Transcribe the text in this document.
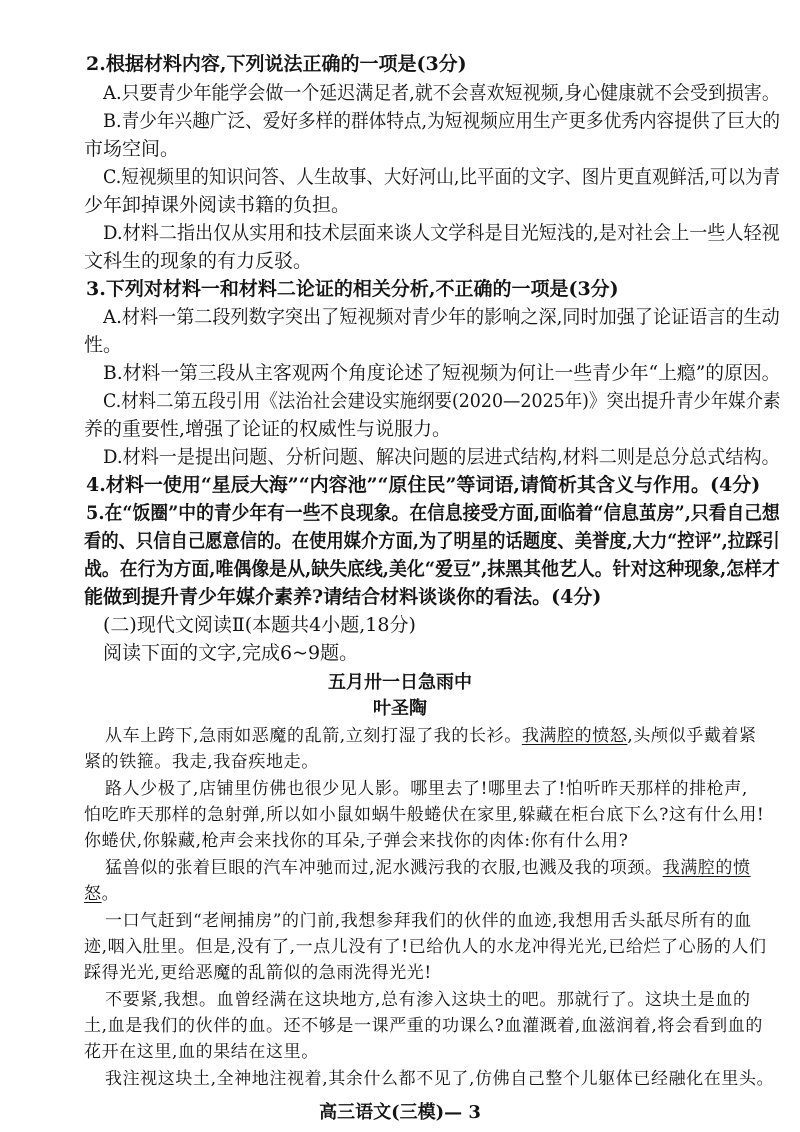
2.根据材料内容,下列说法正确的一项是(3分)
A.只要青少年能学会做一个延迟满足者,就不会喜欢短视频,身心健康就不会受到损害。
B.青少年兴趣广泛、爱好多样的群体特点,为短视频应用生产更多优秀内容提供了巨大的
市场空间。
C.短视频里的知识问答、人生故事、大好河山,比平面的文字、图片更直观鲜活,可以为青
少年卸掉课外阅读书籍的负担。
D.材料二指出仅从实用和技术层面来谈人文学科是目光短浅的,是对社会上一些人轻视
文科生的现象的有力反驳。
3.下列对材料一和材料二论证的相关分析,不正确的一项是(3分)
A.材料一第二段列数字突出了短视频对青少年的影响之深,同时加强了论证语言的生动
性。
B.材料一第三段从主客观两个角度论述了短视频为何让一些青少年“上瘾”的原因。
C.材料二第五段引用《法治社会建设实施纲要(2020—2025年)》突出提升青少年媒介素
养的重要性,增强了论证的权威性与说服力。
D.材料一是提出问题、分析问题、解决问题的层进式结构,材料二则是总分总式结构。
4.材料一使用“星辰大海”“内容池”“原住民”等词语,请简析其含义与作用。(4分)
5.在“饭圈”中的青少年有一些不良现象。在信息接受方面,面临着“信息茧房”,只看自己想
看的、只信自己愿意信的。在使用媒介方面,为了明星的话题度、美誉度,大力“控评”,拉踩引
战。在行为方面,唯偶像是从,缺失底线,美化“爱豆”,抹黑其他艺人。针对这种现象,怎样才
能做到提升青少年媒介素养?请结合材料谈谈你的看法。(4分)
(二)现代文阅读Ⅱ(本题共4小题,18分)
阅读下面的文字,完成6~9题。
五月卅一日急雨中
叶圣陶
从车上跨下,急雨如恶魔的乱箭,立刻打湿了我的长衫。我满腔的愤怒,头颅似乎戴着紧
紧的铁箍。我走,我奋疾地走。
路人少极了,店铺里仿佛也很少见人影。哪里去了!哪里去了!怕听昨天那样的排枪声,
怕吃昨天那样的急射弹,所以如小鼠如蜗牛般蜷伏在家里,躲藏在柜台底下么?这有什么用!
你蜷伏,你躲藏,枪声会来找你的耳朵,子弹会来找你的肉体:你有什么用?
猛兽似的张着巨眼的汽车冲驰而过,泥水溅污我的衣服,也溅及我的项颈。我满腔的愤
怒。
一口气赶到“老闸捕房”的门前,我想参拜我们的伙伴的血迹,我想用舌头舐尽所有的血
迹,咽入肚里。但是,没有了,一点儿没有了!已给仇人的水龙冲得光光,已给烂了心肠的人们
踩得光光,更给恶魔的乱箭似的急雨洗得光光!
不要紧,我想。血曾经满在这块地方,总有渗入这块土的吧。那就行了。这块土是血的
土,血是我们的伙伴的血。还不够是一课严重的功课么?血灌溉着,血滋润着,将会看到血的
花开在这里,血的果结在这里。
我注视这块土,全神地注视着,其余什么都不见了,仿佛自己整个儿躯体已经融化在里头。
高三语文(三模)— 3
